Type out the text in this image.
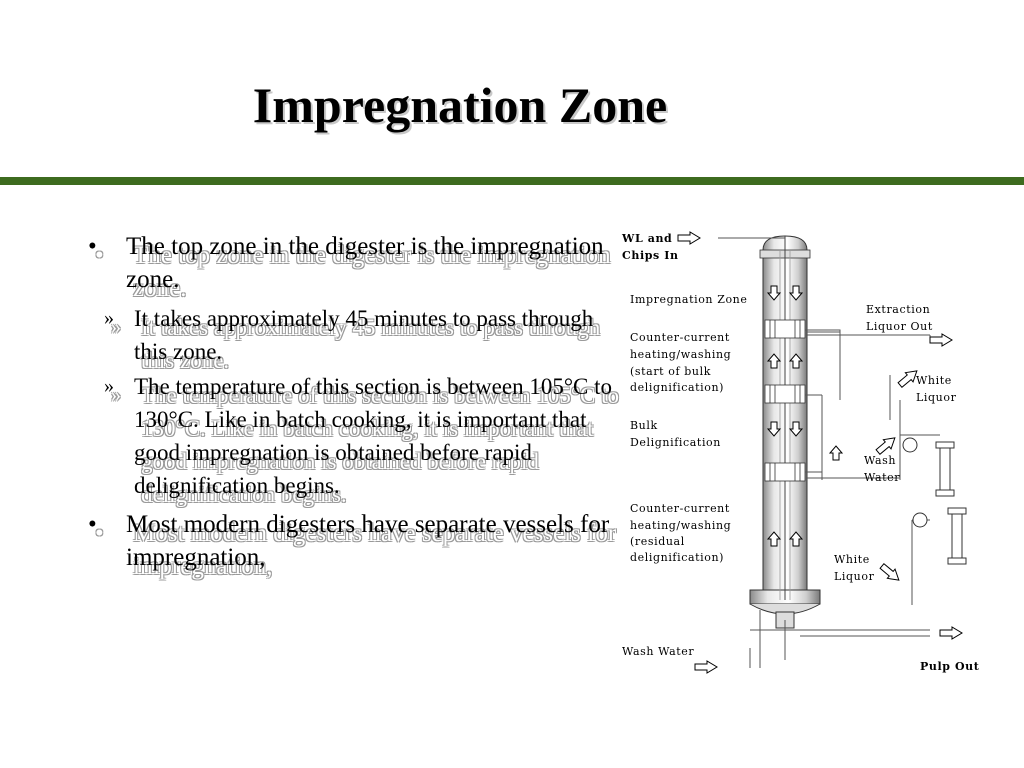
Impregnation Zone
• The top zone in the digester is the impregnation zone.
» It takes approximately 45 minutes to pass through this zone.
» The temperature of this section is between 105°C to 130°C. Like in batch cooking, it is important that good impregnation is obtained before rapid delignification begins.
• Most modern digesters have separate vessels for impregnation,
WL and
Chips In
Impregnation Zone
Counter-current
heating/washing
(start of bulk
delignification)
Bulk
Delignification
Counter-current
heating/washing
(residual
delignification)
Extraction
Liquor Out
White
Liquor
Wash
Water
White
Liquor
Wash Water
Pulp Out
